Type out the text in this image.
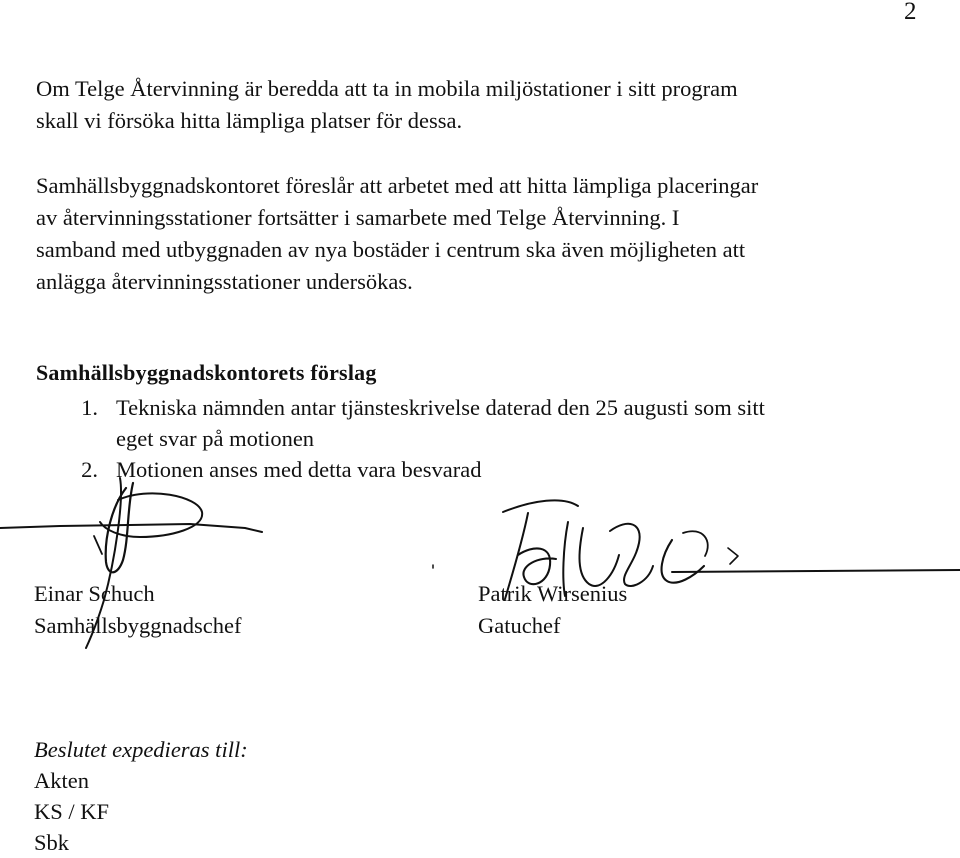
2
Om Telge Återvinning är beredda att ta in mobila miljöstationer i sitt program
skall vi försöka hitta lämpliga platser för dessa.
Samhällsbyggnadskontoret föreslår att arbetet med att hitta lämpliga placeringar
av återvinningsstationer fortsätter i samarbete med Telge Återvinning. I
samband med utbyggnaden av nya bostäder i centrum ska även möjligheten att
anlägga återvinningsstationer undersökas.
Samhällsbyggnadskontorets förslag
1. Tekniska nämnden antar tjänsteskrivelse daterad den 25 augusti som sitt
eget svar på motionen
2. Motionen anses med detta vara besvarad
Einar Schuch
Samhällsbyggnadschef
Patrik Wirsenius
Gatuchef
Beslutet expedieras till:
Akten
KS / KF
Sbk
